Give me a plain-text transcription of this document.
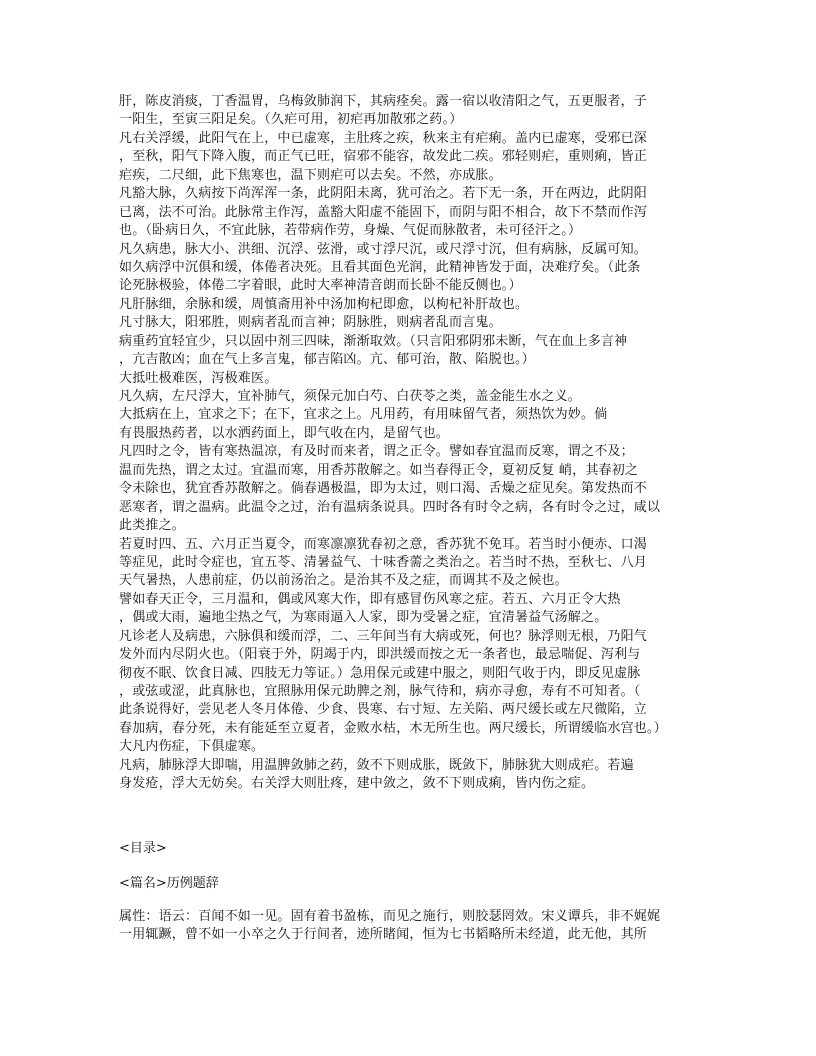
肝，陈皮消痰，丁香温胃，乌梅敛肺润下，其病痊矣。露一宿以收清阳之气，五更服者，子
一阳生，至寅三阳足矣。（久疟可用，初疟再加散邪之药。）
凡右关浮缓，此阳气在上，中已虚寒，主肚疼之疾，秋来主有疟痢。盖内已虚寒，受邪已深
，至秋，阳气下降入腹，而正气已旺，宿邪不能容，故发此二疾。邪轻则疟，重则痢，皆正
疟疾，二尺细，此下焦寒也，温下则疟可以去矣。不然，亦成胀。
凡豁大脉，久病按下尚浑浑一条，此阴阳未离，犹可治之。若下无一条，开在两边，此阴阳
已离，法不可治。此脉常主作泻，盖豁大阳虚不能固下，而阴与阳不相合，故下不禁而作泻
也。（卧病日久，不宜此脉，若带病作劳，身燥、气促而脉散者，未可径汗之。）
凡久病患，脉大小、洪细、沉浮、弦滑，或寸浮尺沉，或尺浮寸沉，但有病脉，反属可知。
如久病浮中沉俱和缓，体倦者决死。且看其面色光润，此精神皆发于面，决难疗矣。（此条
论死脉极验，体倦二字着眼，此时大率神清音朗而长卧不能反侧也。）
凡肝脉细，余脉和缓，周慎斋用补中汤加枸杞即愈，以枸杞补肝故也。
凡寸脉大，阳邪胜，则病者乱而言神；阴脉胜，则病者乱而言鬼。
病重药宜轻宜少，只以固中剂三四味，渐渐取效。（只言阳邪阴邪未断，气在血上多言神
，亢吉散凶；血在气上多言鬼，郁吉陷凶。亢、郁可治，散、陷脱也。）
大抵吐极难医，泻极难医。
凡久病，左尺浮大，宜补肺气，须保元加白芍、白茯苓之类，盖金能生水之义。
大抵病在上，宜求之下；在下，宜求之上。凡用药，有用味留气者，须热饮为妙。倘
有畏服热药者，以水洒药面上，即气收在内，是留气也。
凡四时之令，皆有寒热温凉，有及时而来者，谓之正令。譬如春宜温而反寒，谓之不及；
温而先热，谓之太过。宜温而寒，用香苏散解之。如当春得正令，夏初反复 峭，其春初之
令未除也，犹宜香苏散解之。倘春遇极温，即为太过，则口渴、舌燥之症见矣。第发热而不
恶寒者，谓之温病。此温令之过，治有温病条说具。四时各有时令之病，各有时令之过，咸以
此类推之。
若夏时四、五、六月正当夏令，而寒凛凛犹春初之意，香苏犹不免耳。若当时小便赤、口渴
等症见，此时令症也，宜五苓、清暑益气、十味香薷之类治之。若当时不热，至秋七、八月
天气暑热，人患前症，仍以前汤治之。是治其不及之症，而调其不及之候也。
譬如春天正令，三月温和，偶或风寒大作，即有感冒伤风寒之症。若五、六月正令大热
，偶或大雨，遍地尘热之气，为寒雨逼入人家，即为受暑之症，宜清暑益气汤解之。
凡诊老人及病患，六脉俱和缓而浮，二、三年间当有大病或死，何也？脉浮则无根，乃阳气
发外而内尽阴火也。（阳衰于外，阴竭于内，即洪缓而按之无一条者也，最忌喘促、泻利与
彻夜不眠、饮食日减、四肢无力等证。）急用保元或建中服之，则阳气收于内，即反见虚脉
，或弦或涩，此真脉也，宜照脉用保元助脾之剂，脉气待和，病亦寻愈，寿有不可知者。（
此条说得好，尝见老人冬月体倦、少食、畏寒、右寸短、左关陷、两尺缓长或左尺微陷，立
春加病，春分死，未有能延至立夏者，金败水枯，木无所生也。两尺缓长，所谓缓临水宫也。）
大凡内伤症，下俱虚寒。
凡病，肺脉浮大即喘，用温脾敛肺之药，敛不下则成胀，既敛下，肺脉犹大则成疟。若遍
身发疮，浮大无妨矣。右关浮大则肚疼，建中敛之，敛不下则成痢，皆内伤之症。
<目录>
<篇名>历例题辞
属性：语云：百闻不如一见。固有着书盈栋，而见之施行，则胶瑟罔效。宋义谭兵，非不娓娓
一用辄蹶，曾不如一小卒之久于行间者，迹所睹闻，恒为七书韬略所未经道，此无他，其所
